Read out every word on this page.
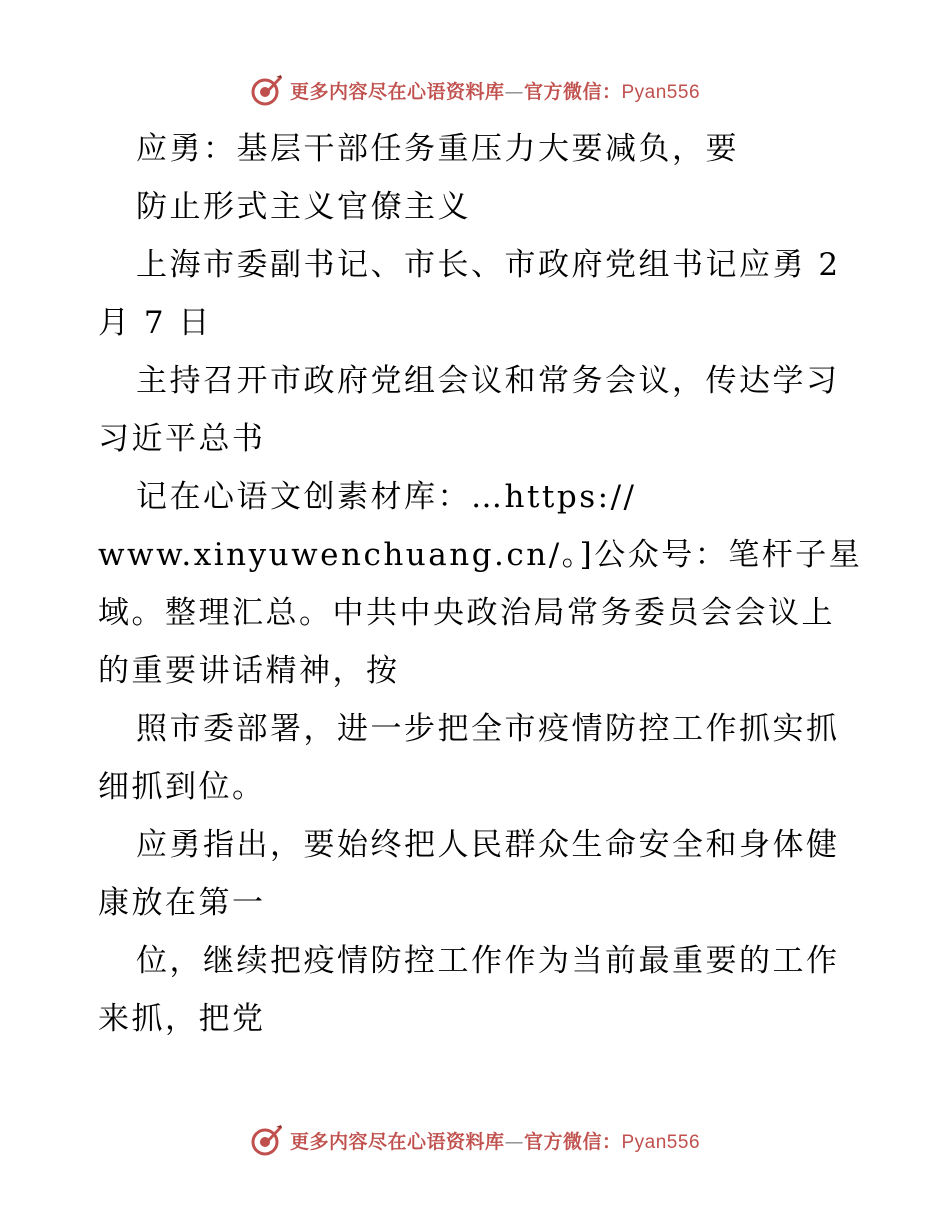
更多内容尽在心语资料库—官方微信：Pyan556
应勇：基层干部任务重压力大要减负，要
防止形式主义官僚主义
上海市委副书记、市长、市政府党组书记应勇 2
月 7 日
主持召开市政府党组会议和常务会议，传达学习
习近平总书
记在心语文创素材库：…https://
www.xinyuwenchuang.cn/。]公众号：笔杆子星
域。整理汇总。中共中央政治局常务委员会会议上
的重要讲话精神，按
照市委部署，进一步把全市疫情防控工作抓实抓
细抓到位。
应勇指出，要始终把人民群众生命安全和身体健
康放在第一
位，继续把疫情防控工作作为当前最重要的工作
来抓，把党
更多内容尽在心语资料库—官方微信：Pyan556
